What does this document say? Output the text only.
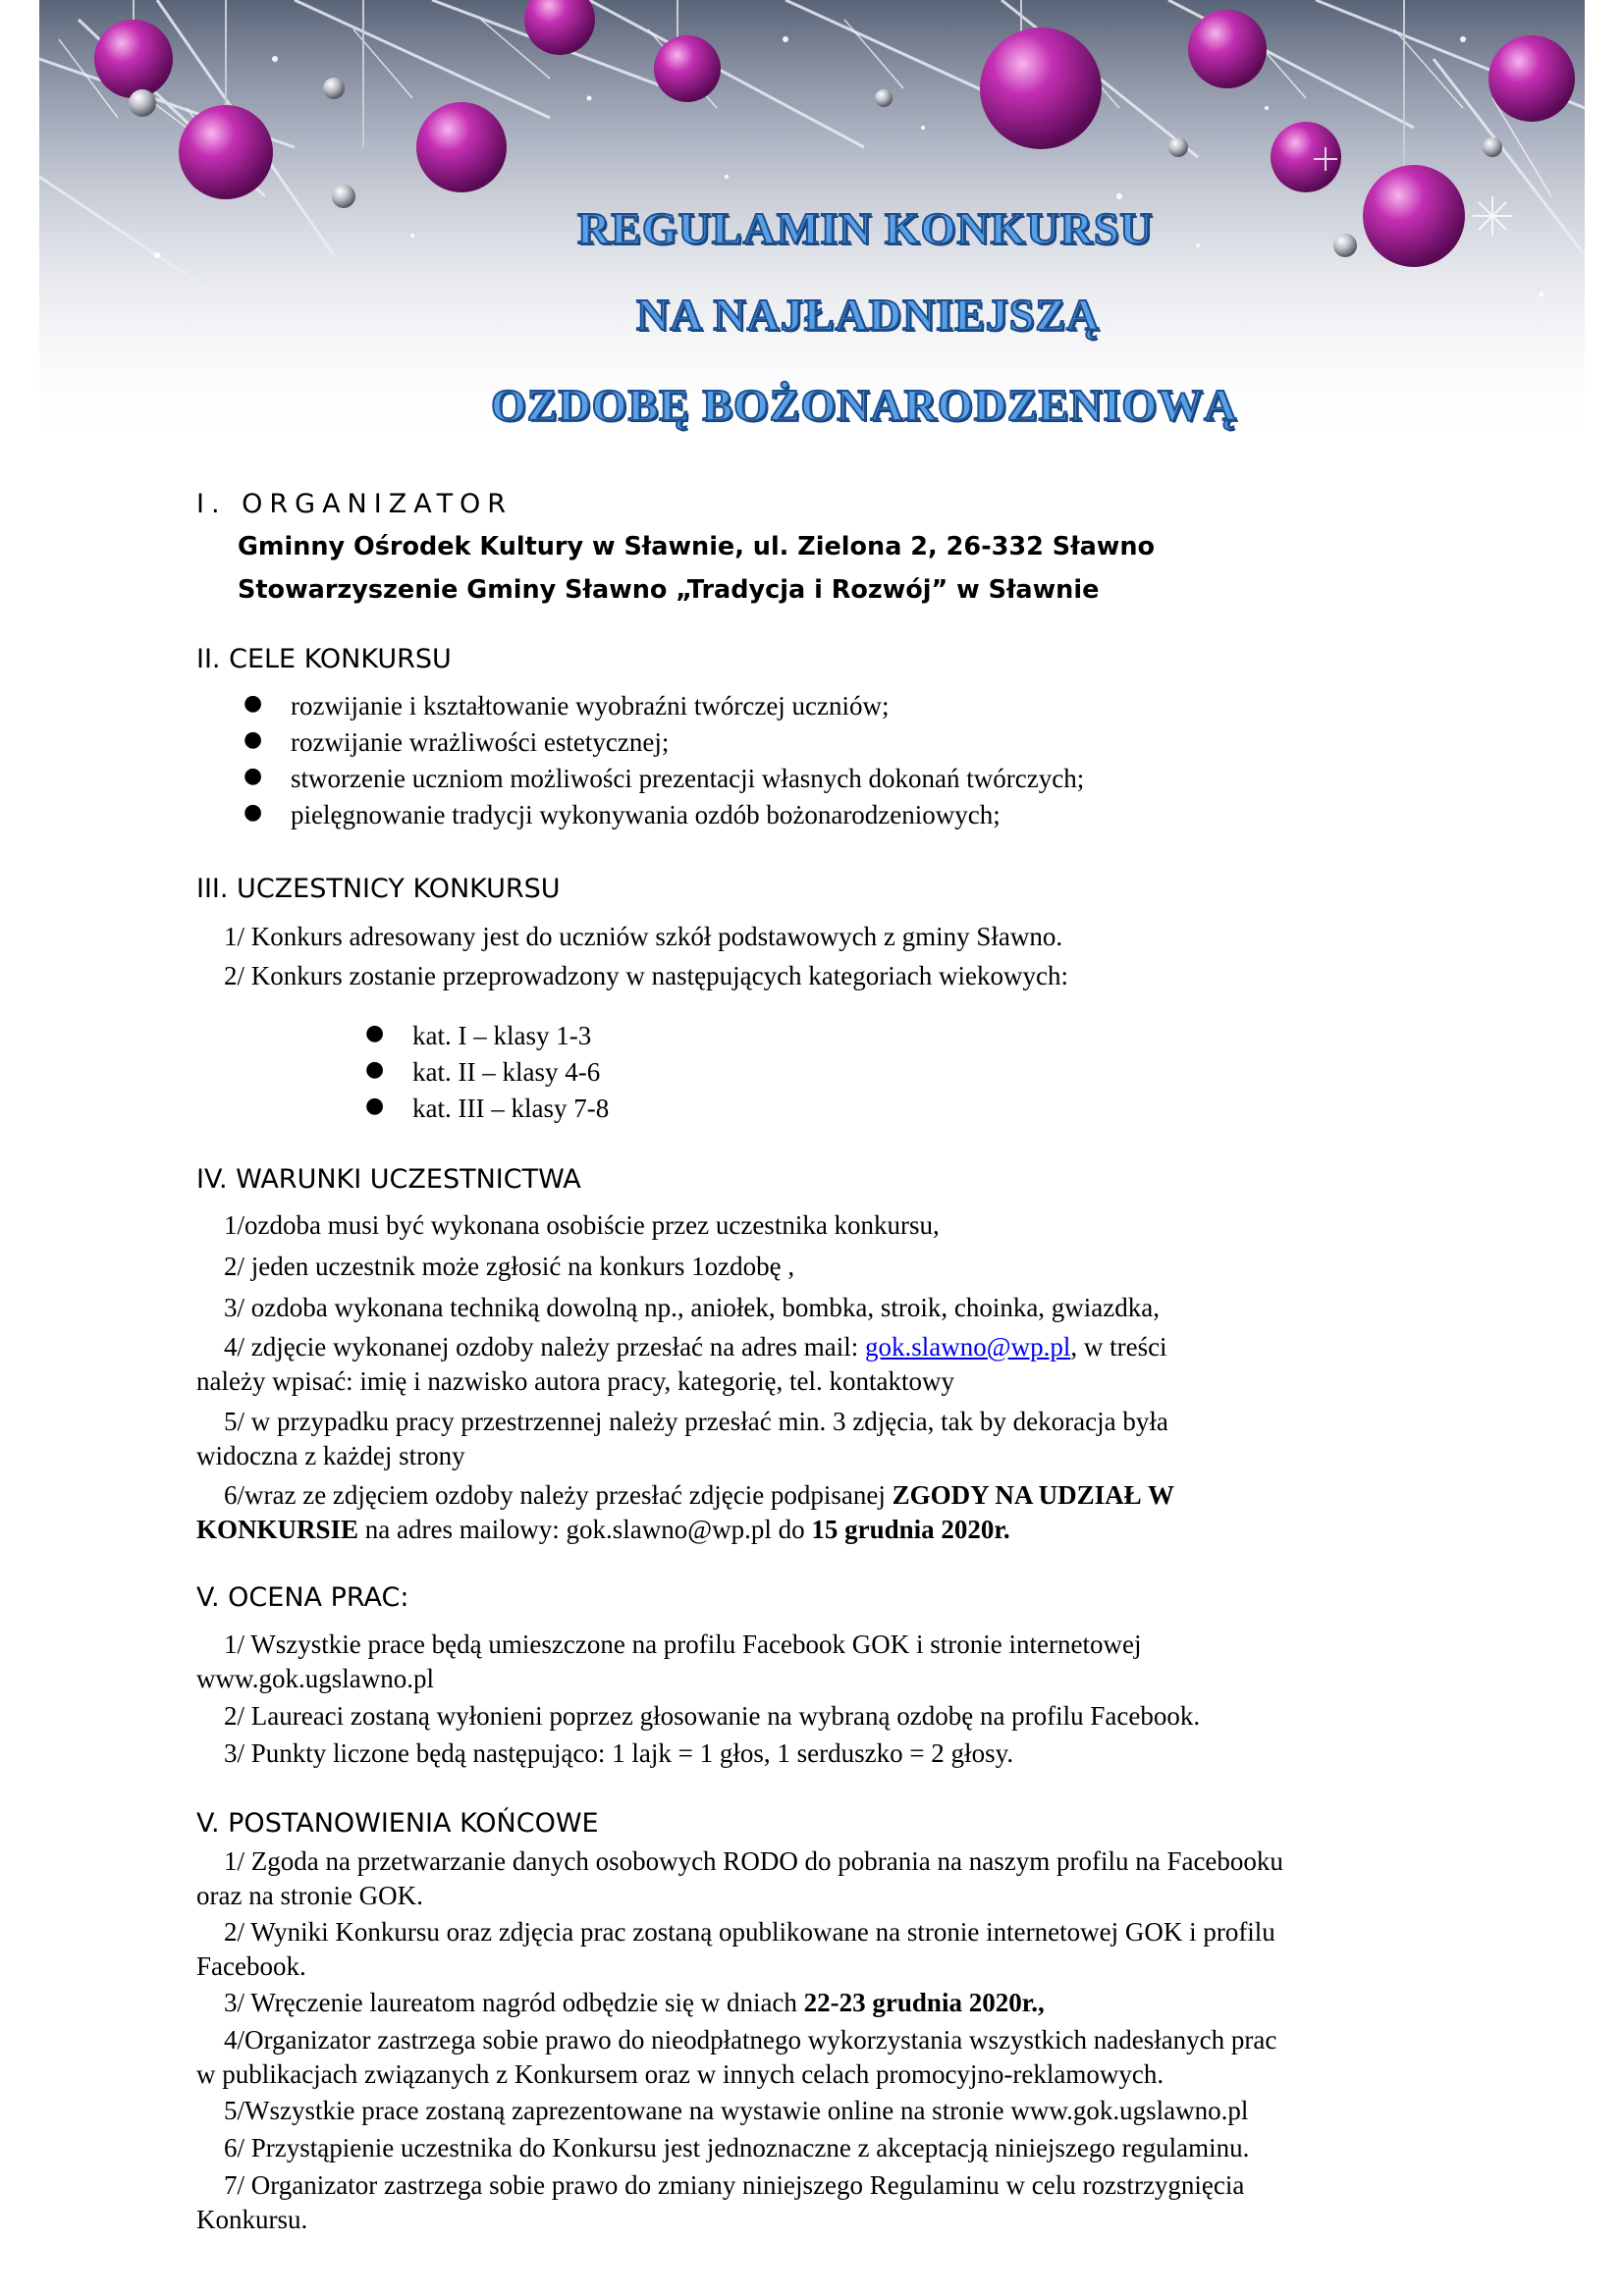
REGULAMIN KONKURSU
NA NAJŁADNIEJSZĄ
OZDOBĘ BOŻONARODZENIOWĄ
I. ORGANIZATOR
Gminny Ośrodek Kultury w Sławnie, ul. Zielona 2, 26-332 Sławno
Stowarzyszenie Gminy Sławno „Tradycja i Rozwój” w Sławnie
II. CELE KONKURSU
● rozwijanie i kształtowanie wyobraźni twórczej uczniów;
● rozwijanie wrażliwości estetycznej;
● stworzenie uczniom możliwości prezentacji własnych dokonań twórczych;
● pielęgnowanie tradycji wykonywania ozdób bożonarodzeniowych;
III. UCZESTNICY KONKURSU
1/ Konkurs adresowany jest do uczniów szkół podstawowych z gminy Sławno.
2/ Konkurs zostanie przeprowadzony w następujących kategoriach wiekowych:
● kat. I – klasy 1-3
● kat. II – klasy 4-6
● kat. III – klasy 7-8
IV. WARUNKI UCZESTNICTWA
1/ozdoba musi być wykonana osobiście przez uczestnika konkursu,
2/ jeden uczestnik może zgłosić na konkurs 1ozdobę ,
3/ ozdoba wykonana techniką dowolną np., aniołek, bombka, stroik, choinka, gwiazdka,
4/ zdjęcie wykonanej ozdoby należy przesłać na adres mail: gok.slawno@wp.pl, w treści
należy wpisać: imię i nazwisko autora pracy, kategorię, tel. kontaktowy
5/ w przypadku pracy przestrzennej należy przesłać min. 3 zdjęcia, tak by dekoracja była
widoczna z każdej strony
6/wraz ze zdjęciem ozdoby należy przesłać zdjęcie podpisanej ZGODY NA UDZIAŁ W
KONKURSIE na adres mailowy: gok.slawno@wp.pl do 15 grudnia 2020r.
V. OCENA PRAC:
1/ Wszystkie prace będą umieszczone na profilu Facebook GOK i stronie internetowej
www.gok.ugslawno.pl
2/ Laureaci zostaną wyłonieni poprzez głosowanie na wybraną ozdobę na profilu Facebook.
3/ Punkty liczone będą następująco: 1 lajk = 1 głos, 1 serduszko = 2 głosy.
V. POSTANOWIENIA KOŃCOWE
1/ Zgoda na przetwarzanie danych osobowych RODO do pobrania na naszym profilu na Facebooku
oraz na stronie GOK.
2/ Wyniki Konkursu oraz zdjęcia prac zostaną opublikowane na stronie internetowej GOK i profilu
Facebook.
3/ Wręczenie laureatom nagród odbędzie się w dniach 22-23 grudnia 2020r.,
4/Organizator zastrzega sobie prawo do nieodpłatnego wykorzystania wszystkich nadesłanych prac
w publikacjach związanych z Konkursem oraz w innych celach promocyjno-reklamowych.
5/Wszystkie prace zostaną zaprezentowane na wystawie online na stronie www.gok.ugslawno.pl
6/ Przystąpienie uczestnika do Konkursu jest jednoznaczne z akceptacją niniejszego regulaminu.
7/ Organizator zastrzega sobie prawo do zmiany niniejszego Regulaminu w celu rozstrzygnięcia
Konkursu.
